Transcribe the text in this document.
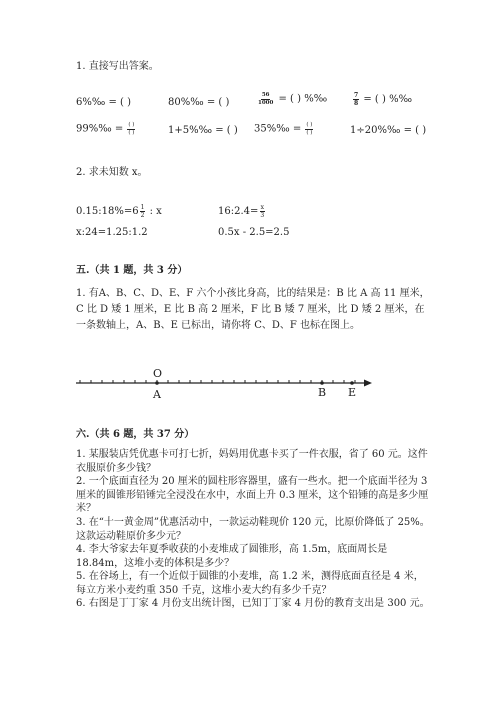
1. 直接写出答案。
6%‰ = ( )	80%‰ = ( )	$\frac{56}{1000}$ = ( ) %‰	$\frac{7}{8}$ = ( ) %‰
99%‰ = $\frac{( )}{( )}$	1+5%‰ = ( ) 35%‰ = $\frac{( )}{( )}$	1÷20%‰ = ( )
2. 求未知数 x。
0.15:18%=6 $\frac{1}{2}$ : x	16:2.4= $\frac{x}{3}$
x:24=1.25:1.2	0.5x - 2.5=2.5
五.（共 1 题，共 3 分）
1. 有A、B、C、D、E、F 六个小孩比身高，比的结果是：B 比 A 高 11 厘米，C 比 D 矮 1 厘米，E 比 B 高 2 厘米，F 比 B 矮 7 厘米，比 D 矮 2 厘米，在一条数轴上，A、B、E 已标出，请你将 C、D、F 也标在图上。
O
A	B E
六.（共 6 题，共 37 分）
1. 某服装店凭优惠卡可打七折，妈妈用优惠卡买了一件衣服，省了 60 元。这件衣服原价多少钱？
2. 一个底面直径为 20 厘米的圆柱形容器里，盛有一些水。把一个底面半径为 3 厘米的圆锥形铅锤完全浸没在水中，水面上升 0.3 厘米，这个铅锤的高是多少厘米？
3. 在“十一黄金周”优惠活动中，一款运动鞋现价 120 元，比原价降低了 25%。这款运动鞋原价多少元？
4. 李大爷家去年夏季收获的小麦堆成了圆锥形，高 1.5m，底面周长是 18.84m，这堆小麦的体积是多少？
5. 在谷场上，有一个近似于圆锥的小麦堆，高 1.2 米，测得底面直径是 4 米，每立方米小麦约重 350 千克，这堆小麦大约有多少千克？
6. 右图是丁丁家 4 月份支出统计图，已知丁丁家 4 月份的教育支出是 300 元。
